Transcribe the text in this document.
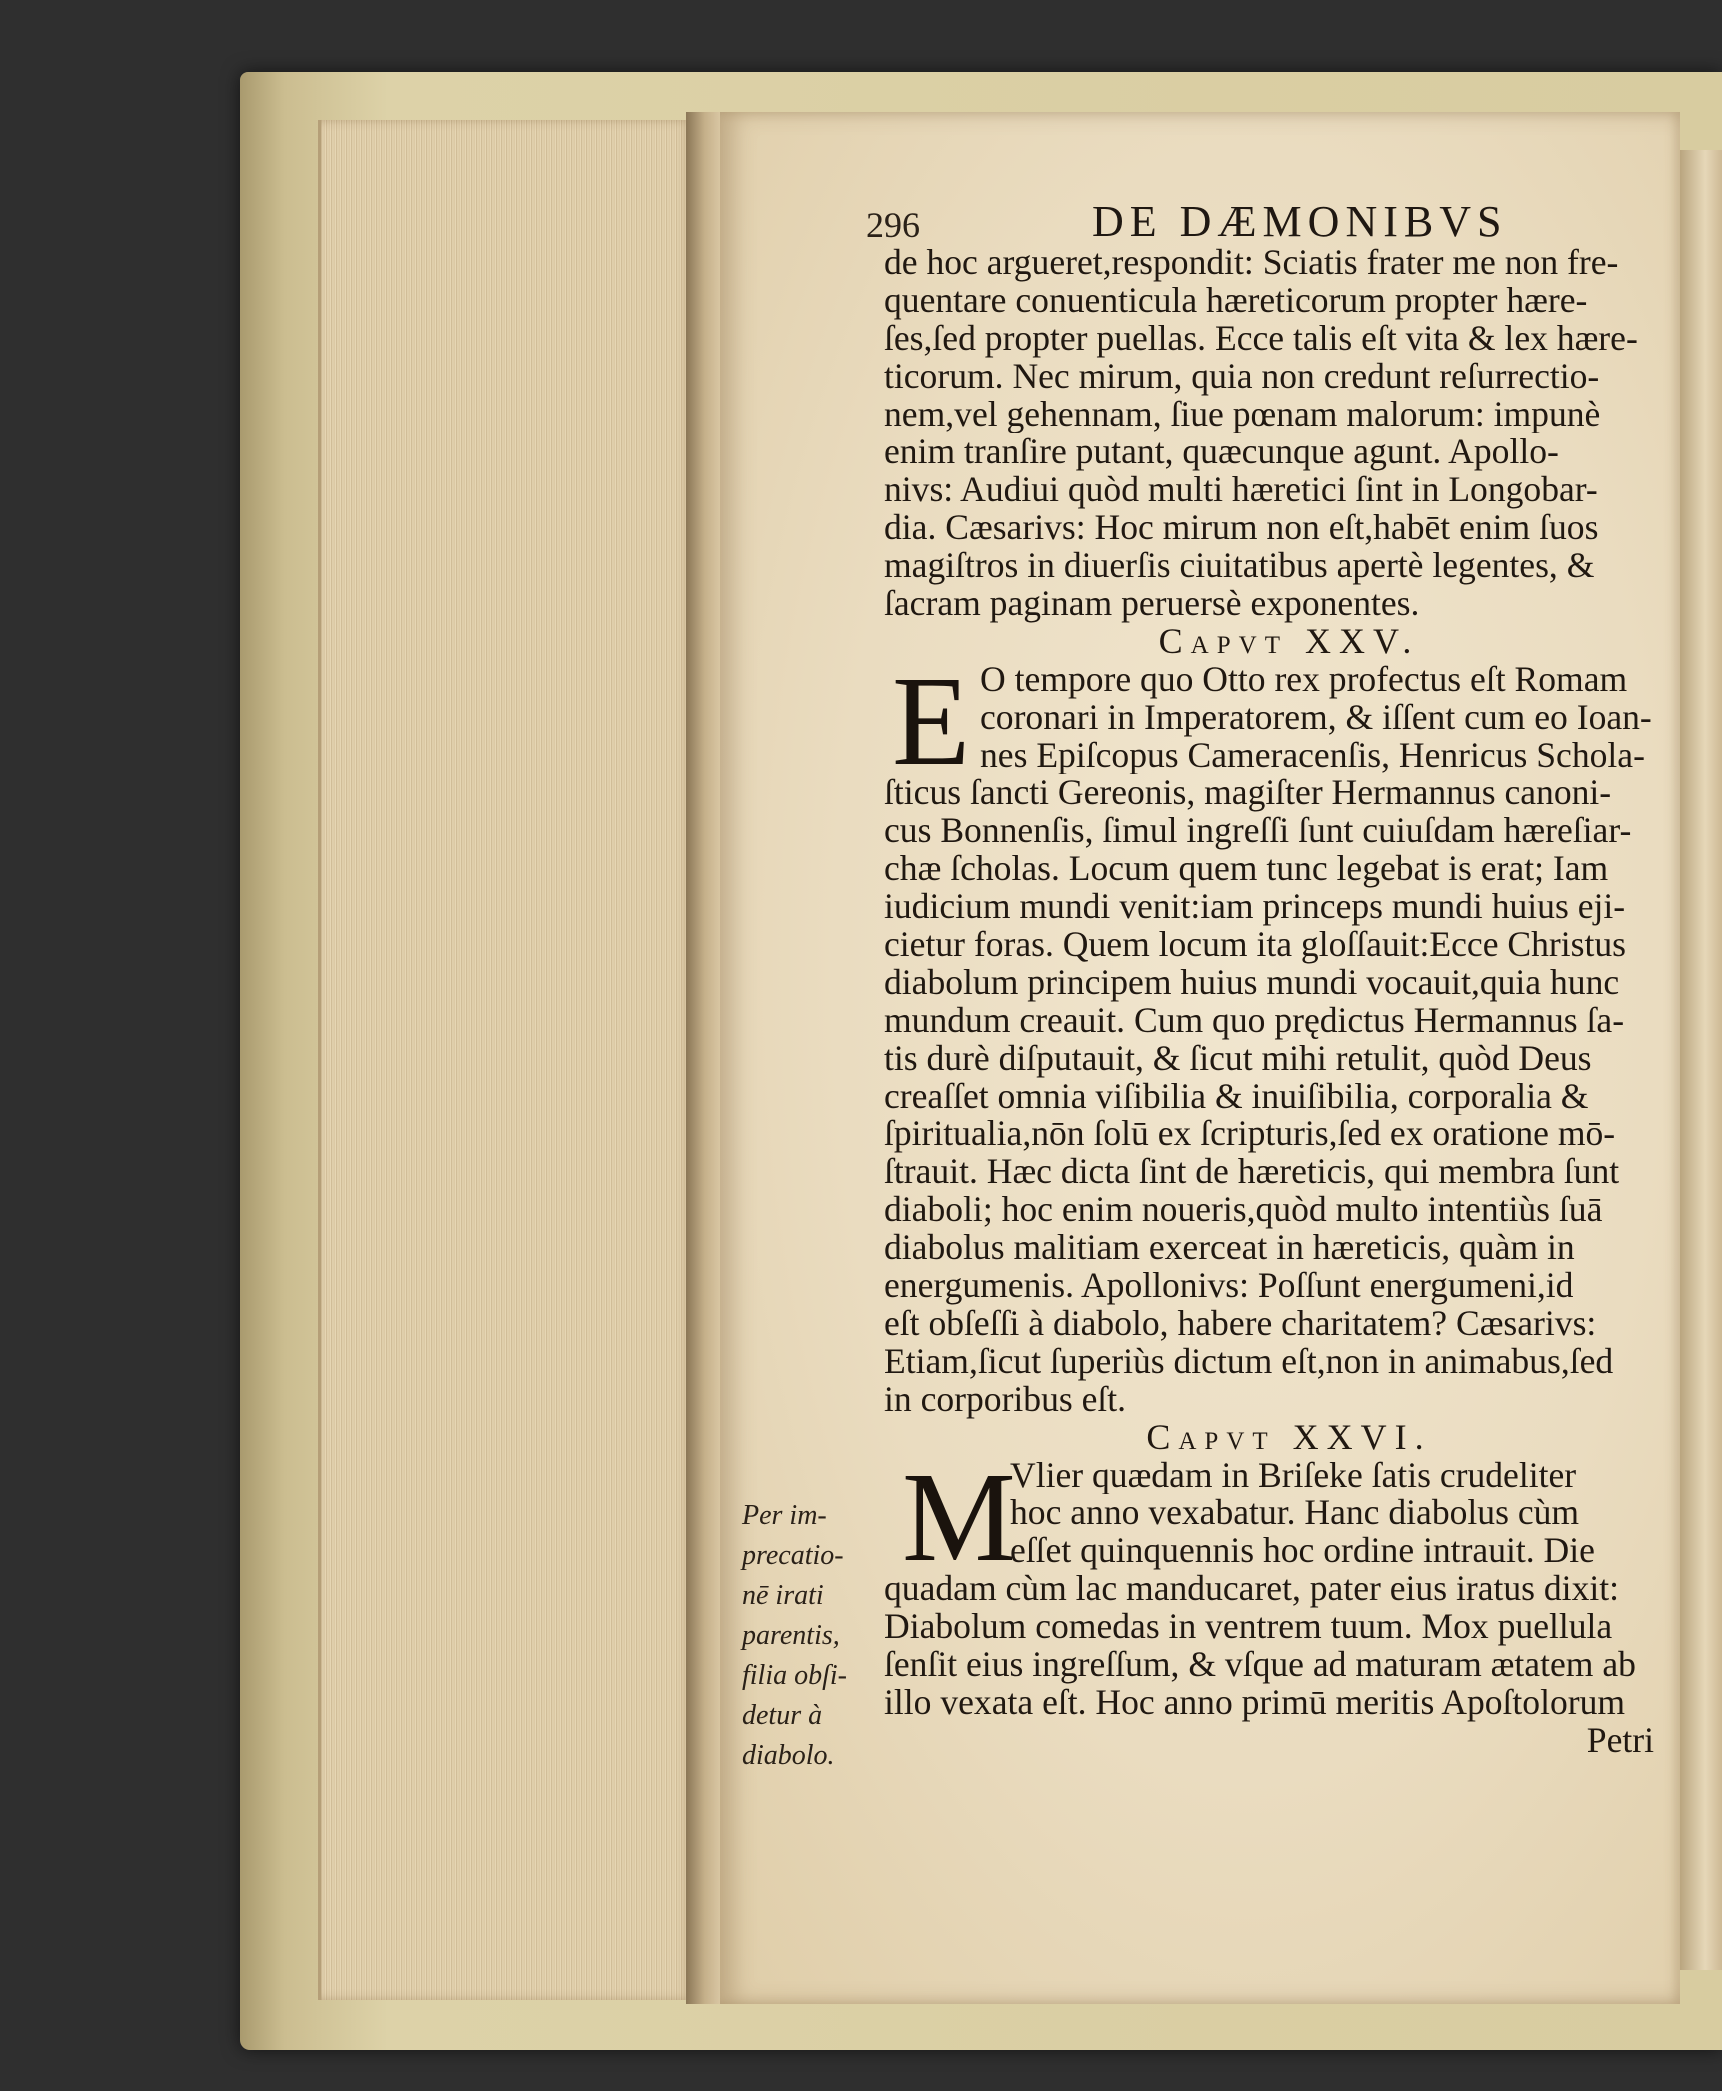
296	DE DÆMONIBVS
de hoc argueret,respondit: Sciatis frater me non fre-
quentare conuenticula hæreticorum propter hære-
ſes,ſed propter puellas. Ecce talis eſt vita & lex hære-
ticorum. Nec mirum, quia non credunt reſurrectio-
nem,vel gehennam, ſiue pœnam malorum: impunè
enim tranſire putant, quæcunque agunt. Apollo-
nivs: Audiui quòd multi hæretici ſint in Longobar-
dia. Cæsarivs: Hoc mirum non eſt,habēt enim ſuos
magiſtros in diuerſis ciuitatibus apertè legentes, &
ſacram paginam peruersè exponentes.
Capvt XXV.
E O tempore quo Otto rex profectus eſt Romam
coronari in Imperatorem, & iſſent cum eo Ioan-
nes Epiſcopus Cameracenſis, Henricus Schola-
ſticus ſancti Gereonis, magiſter Hermannus canoni-
cus Bonnenſis, ſimul ingreſſi ſunt cuiuſdam hæreſiar-
chæ ſcholas. Locum quem tunc legebat is erat; Iam
iudicium mundi venit:iam princeps mundi huius eji-
cietur foras. Quem locum ita gloſſauit:Ecce Christus
diabolum principem huius mundi vocauit,quia hunc
mundum creauit. Cum quo prędictus Hermannus ſa-
tis durè diſputauit, & ſicut mihi retulit, quòd Deus
creaſſet omnia viſibilia & inuiſibilia, corporalia &
ſpiritualia,nōn ſolū ex ſcripturis,ſed ex oratione mō-
ſtrauit. Hæc dicta ſint de hæreticis, qui membra ſunt
diaboli; hoc enim noueris,quòd multo intentiùs ſuā
diabolus malitiam exerceat in hæreticis, quàm in
energumenis. Apollonivs: Poſſunt energumeni,id
eſt obſeſſi à diabolo, habere charitatem? Cæsarivs:
Etiam,ſicut ſuperiùs dictum eſt,non in animabus,ſed
in corporibus eſt.
Capvt XXVI.
M
Vlier quædam in Briſeke ſatis crudeliter
hoc anno vexabatur. Hanc diabolus cùm
eſſet quinquennis hoc ordine intrauit. Die
quadam cùm lac manducaret, pater eius iratus dixit:
Diabolum comedas in ventrem tuum. Mox puellula
ſenſit eius ingreſſum, & vſque ad maturam ætatem ab
illo vexata eſt. Hoc anno primū meritis Apoſtolorum
Petri
Per im-
precatio-
nē irati
parentis,
filia obſi-
detur à
diabolo.
